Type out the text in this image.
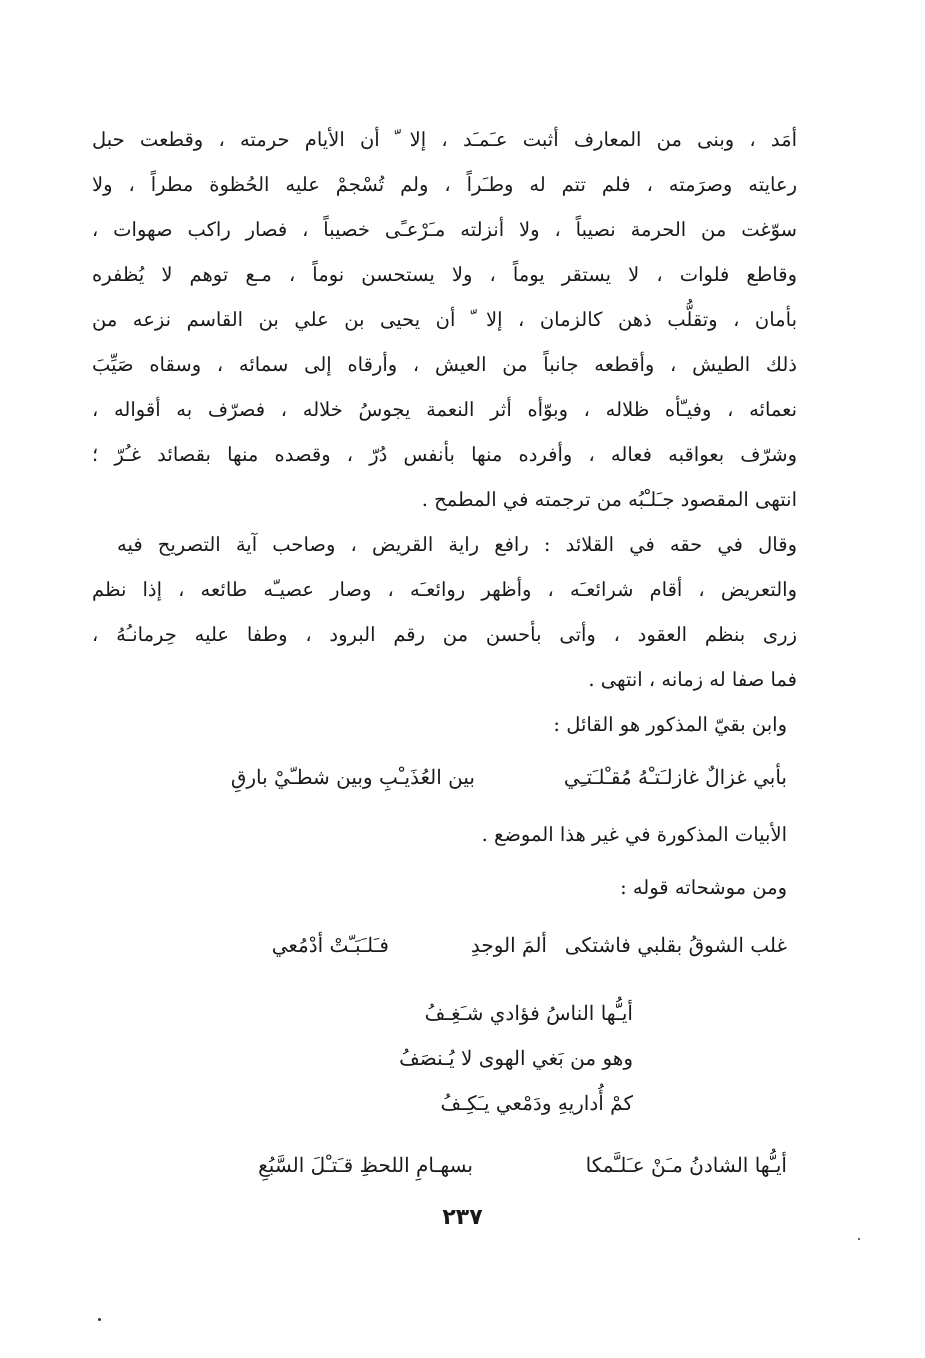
أمَد ، وبنى من المعارف أثبت عـَمـَد ، إلا ّ أن الأيام حرمته ، وقطعت حبل
رعايته وصرَمته ، فلم تتم له وطـَراً ، ولم تُسْجمْ عليه الحُظوة مطراً ، ولا
سوّغت من الحرمة نصيباً ، ولا أنزلته مـَرْعـًى خصيباً ، فصار راكب صهوات ،
وقاطع فلوات ، لا يستقر يوماً ، ولا يستحسن نوماً ، مـع توهم لا يُظفره
بأمان ، وتقلُّب ذهن كالزمان ، إلا ّ أن يحيى بن علي بن القاسم نزعه من
ذلك الطيش ، وأقطعه جانباً من العيش ، وأرقاه إلى سمائه ، وسقاه صَيِّبَ
نعمائه ، وفيـّأه ظلاله ، وبوّأه أثر النعمة يجوسُ خلاله ، فصرّف به أقواله ،
وشرّف بعواقبه فعاله ، وأفرده منها بأنفس دُرّ ، وقصده منها بقصائد غـُرّ ؛
انتهى المقصود جـَلـْبُه من ترجمته في المطمح .
وقال في حقه في القلائد : رافع راية القريض ، وصاحب آية التصريح فيه
والتعريض ، أقام شرائعـَه ، وأظهر روائعـَه ، وصار عصيـّه طائعه ، إذا نظم
زرى بنظم العقود ، وأتى بأحسن من رقم البرود ، وطفا عليه حِرمانـُهُ ،
فما صفا له زمانه ، انتهى .
وابن بقيّ المذكور هو القائل :
بأبي غزالٌ غازلـَتـْهُ مُقـْلـَتـِي
بين العُذَيـْبِ وبين شطـّيْ بارقِ
الأبيات المذكورة في غير هذا الموضع .
ومن موشحاته قوله :
غلب الشوقُ بقلبي فاشتكى
ألمَ الوجدِ
فـَلـَبَـّتْ أدْمُعي
أيـُّها الناسُ فؤادي شـَغِـفُ
وهو من بَغي الهوى لا يُـنصَفُ
كمْ أُداريهِ ودَمْعي يـَكِـفُ
أيـُّها الشادنُ مـَنْ عـَلـَّمكا
بسهـامِ اللحظِ قـَتـْلَ السَّبُعِ
٢٣٧
